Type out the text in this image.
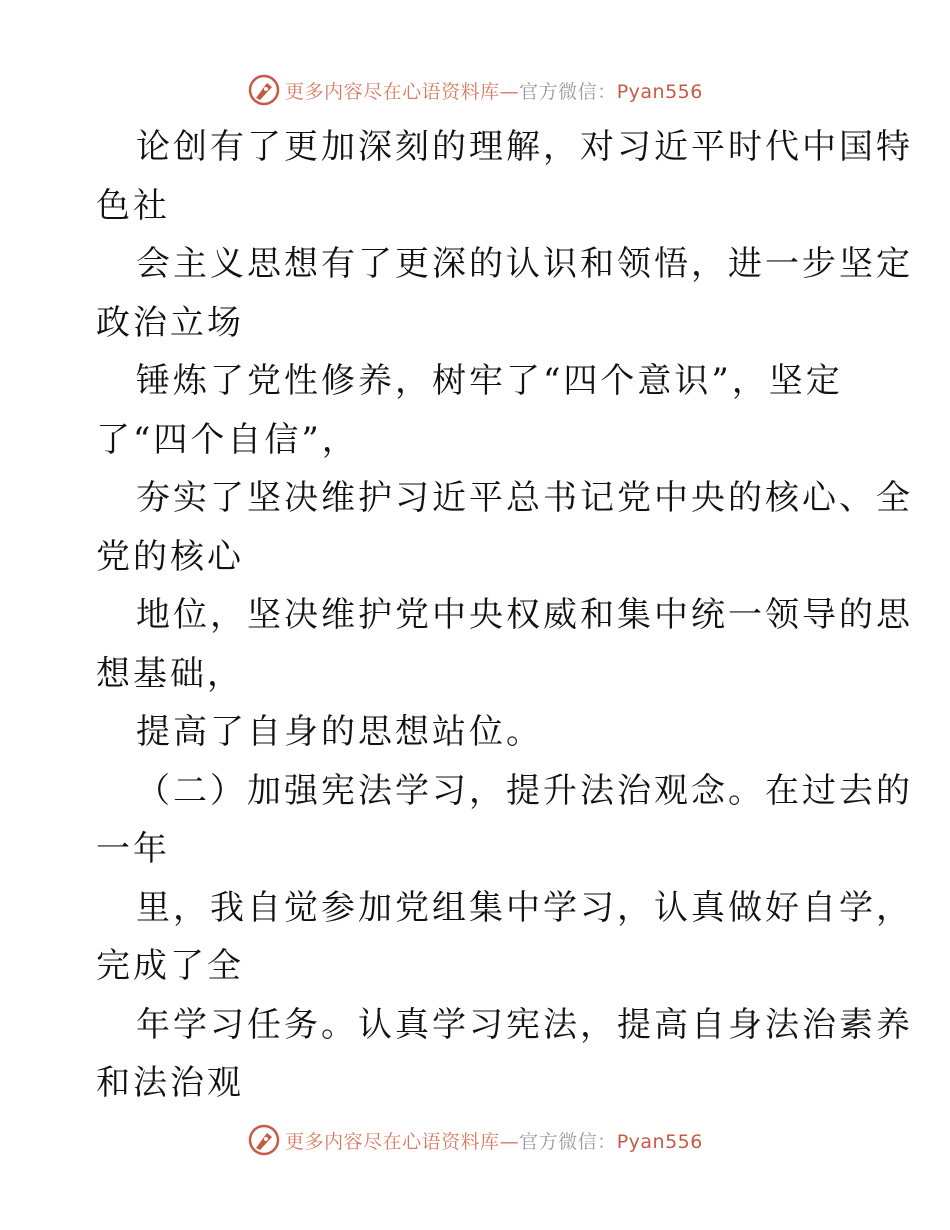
更多内容尽在心语资料库—官方微信：Pyan556
论创有了更加深刻的理解，对习近平时代中国特
色社
会主义思想有了更深的认识和领悟，进一步坚定
政治立场
锤炼了党性修养，树牢了“四个意识”，坚定
了“四个自信”，
夯实了坚决维护习近平总书记党中央的核心、全
党的核心
地位，坚决维护党中央权威和集中统一领导的思
想基础，
提高了自身的思想站位。
（二）加强宪法学习，提升法治观念。在过去的
一年
里，我自觉参加党组集中学习，认真做好自学，
完成了全
年学习任务。认真学习宪法，提高自身法治素养
和法治观
更多内容尽在心语资料库—官方微信：Pyan556
